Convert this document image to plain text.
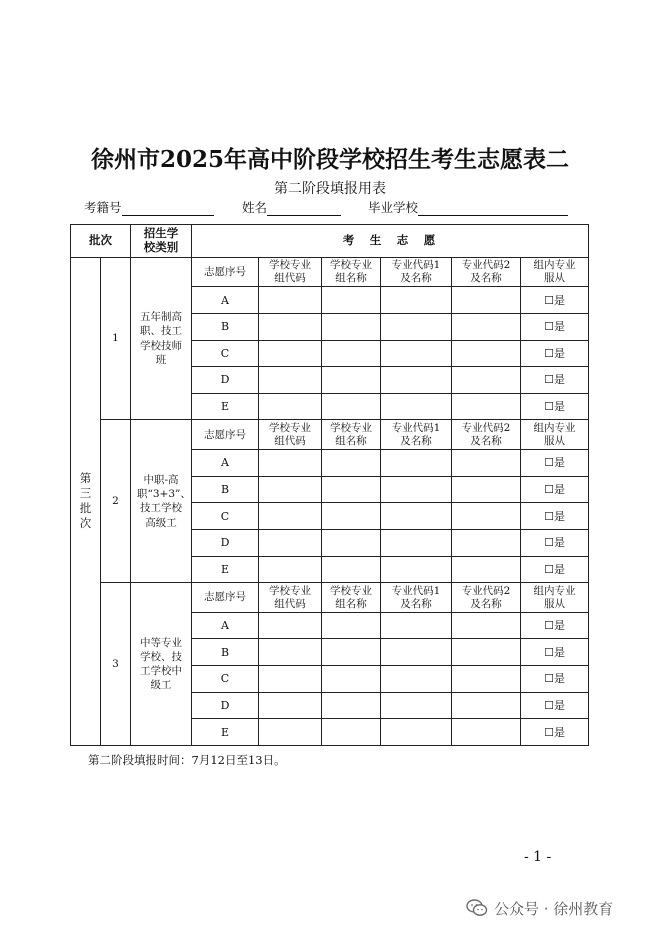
徐州市2025年高中阶段学校招生考生志愿表二
第二阶段填报用表
考籍号	姓名	毕业学校
批次		招生学校类别	考　生　志　愿					
第三批次	1	五年制高职、技工学校技师班	志愿序号	学校专业组代码	学校专业组名称	专业代码1及名称	专业代码2及名称	组内专业服从
			A					☐是
			B					☐是
			C					☐是
			D					☐是
			E					☐是
	2	中职-高职“3+3”、技工学校高级工	志愿序号	学校专业组代码	学校专业组名称	专业代码1及名称	专业代码2及名称	组内专业服从
			A					☐是
			B					☐是
			C					☐是
			D					☐是
			E					☐是
	3	中等专业学校、技工学校中级工	志愿序号	学校专业组代码	学校专业组名称	专业代码1及名称	专业代码2及名称	组内专业服从
			A					☐是
			B					☐是
			C					☐是
			D					☐是
			E					☐是
第二阶段填报时间：7月12日至13日。
- 1 -
公众号 · 徐州教育
